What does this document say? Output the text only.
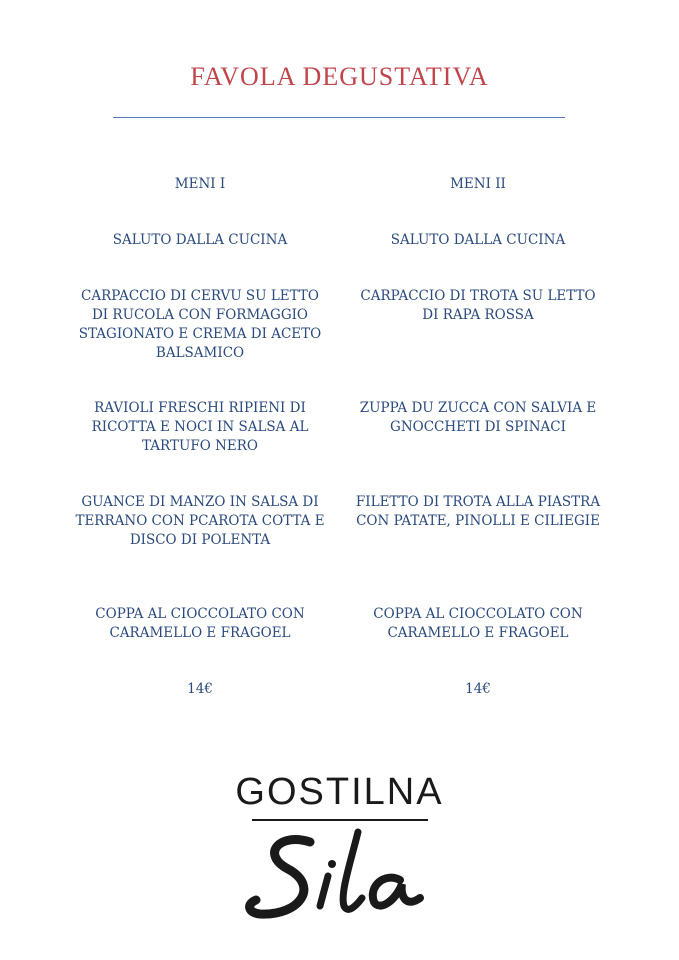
FAVOLA DEGUSTATIVA
MENI I
SALUTO DALLA CUCINA
CARPACCIO DI CERVU SU LETTO DI RUCOLA CON FORMAGGIO STAGIONATO E CREMA DI ACETO BALSAMICO
RAVIOLI FRESCHI RIPIENI DI RICOTTA E NOCI IN SALSA AL TARTUFO NERO
GUANCE DI MANZO IN SALSA DI TERRANO CON PCAROTA COTTA E DISCO DI POLENTA
COPPA AL CIOCCOLATO CON CARAMELLO E FRAGOEL
14€
MENI II
SALUTO DALLA CUCINA
CARPACCIO DI TROTA SU LETTO DI RAPA ROSSA
ZUPPA DU ZUCCA CON SALVIA E GNOCCHETI DI SPINACI
FILETTO DI TROTA ALLA PIASTRA CON PATATE, PINOLLI E CILIEGIE
COPPA AL CIOCCOLATO CON CARAMELLO E FRAGOEL
14€
GOSTILNA
